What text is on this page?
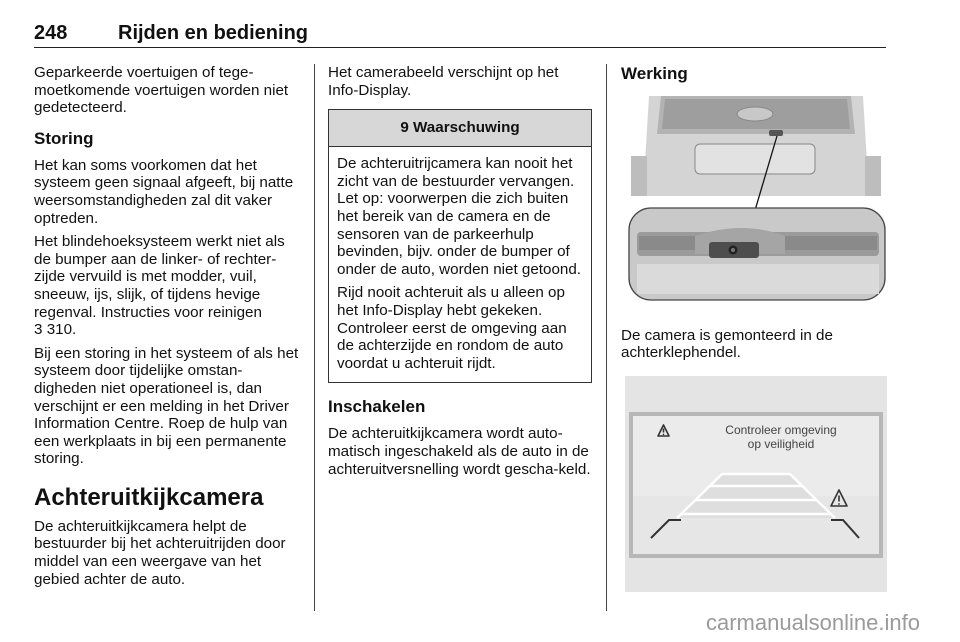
248	Rijden en bediening

Geparkeerde voertuigen of tege-moetkomende voertuigen worden niet gedetecteerd.

Storing

Het kan soms voorkomen dat het systeem geen signaal afgeeft, bij natte weersomstandigheden zal dit vaker optreden.

Het blindehoeksysteem werkt niet als de bumper aan de linker- of rechter-zijde vervuild is met modder, vuil, sneeuw, ijs, slijk, of tijdens hevige regenval. Instructies voor reinigen
3 310.

Bij een storing in het systeem of als het systeem door tijdelijke omstan-digheden niet operationeel is, dan verschijnt er een melding in het Driver Information Centre. Roep de hulp van een werkplaats in bij een permanente storing.

Achteruitkijkcamera

De achteruitkijkcamera helpt de bestuurder bij het achteruitrijden door middel van een weergave van het gebied achter de auto.

Het camerabeeld verschijnt op het Info-Display.

9 Waarschuwing

De achteruitrijcamera kan nooit het zicht van de bestuurder vervangen. Let op: voorwerpen die zich buiten het bereik van de camera en de sensoren van de parkeerhulp bevinden, bijv. onder de bumper of onder de auto, worden niet getoond.

Rijd nooit achteruit als u alleen op het Info-Display hebt gekeken. Controleer eerst de omgeving aan de achterzijde en rondom de auto voordat u achteruit rijdt.

Inschakelen

De achteruitkijkcamera wordt auto-matisch ingeschakeld als de auto in de achteruitversnelling wordt gescha-keld.

Werking

De camera is gemonteerd in de achterklephendel.

Controleer omgeving
op veiligheid
carmanualsonline.info
